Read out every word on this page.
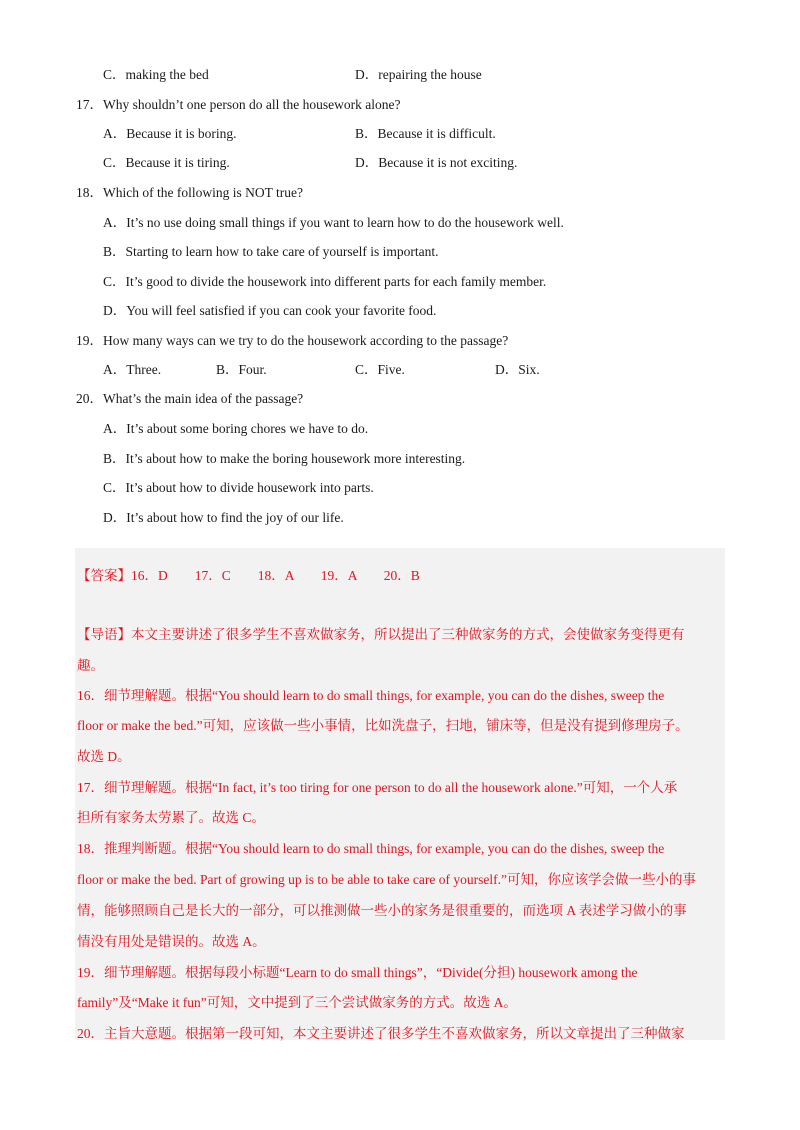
C．making the bed	D．repairing the house
17．Why shouldn’t one person do all the housework alone?
A．Because it is boring.	B．Because it is difficult.
C．Because it is tiring.	D．Because it is not exciting.
18．Which of the following is NOT true?
A．It’s no use doing small things if you want to learn how to do the housework well.
B．Starting to learn how to take care of yourself is important.
C．It’s good to divide the housework into different parts for each family member.
D．You will feel satisfied if you can cook your favorite food.
19．How many ways can we try to do the housework according to the passage?
A．Three.	B．Four.	C．Five.	D．Six.
20．What’s the main idea of the passage?
A．It’s about some boring chores we have to do.
B．It’s about how to make the boring housework more interesting.
C．It’s about how to divide housework into parts.
D．It’s about how to find the joy of our life.
【答案】16．D　　17．C　　18．A　　19．A　　20．B
【导语】本文主要讲述了很多学生不喜欢做家务，所以提出了三种做家务的方式，会使做家务变得更有
趣。
16．细节理解题。根据“You should learn to do small things, for example, you can do the dishes, sweep the
floor or make the bed.”可知，应该做一些小事情，比如洗盘子，扫地，铺床等，但是没有提到修理房子。
故选 D。
17．细节理解题。根据“In fact, it’s too tiring for one person to do all the housework alone.”可知，一个人承
担所有家务太劳累了。故选 C。
18．推理判断题。根据“You should learn to do small things, for example, you can do the dishes, sweep the
floor or make the bed. Part of growing up is to be able to take care of yourself.”可知，你应该学会做一些小的事
情，能够照顾自己是长大的一部分，可以推测做一些小的家务是很重要的，而选项 A 表述学习做小的事
情没有用处是错误的。故选 A。
19．细节理解题。根据每段小标题“Learn to do small things”，“Divide(分担) housework among the
family”及“Make it fun”可知，文中提到了三个尝试做家务的方式。故选 A。
20．主旨大意题。根据第一段可知，本文主要讲述了很多学生不喜欢做家务，所以文章提出了三种做家
